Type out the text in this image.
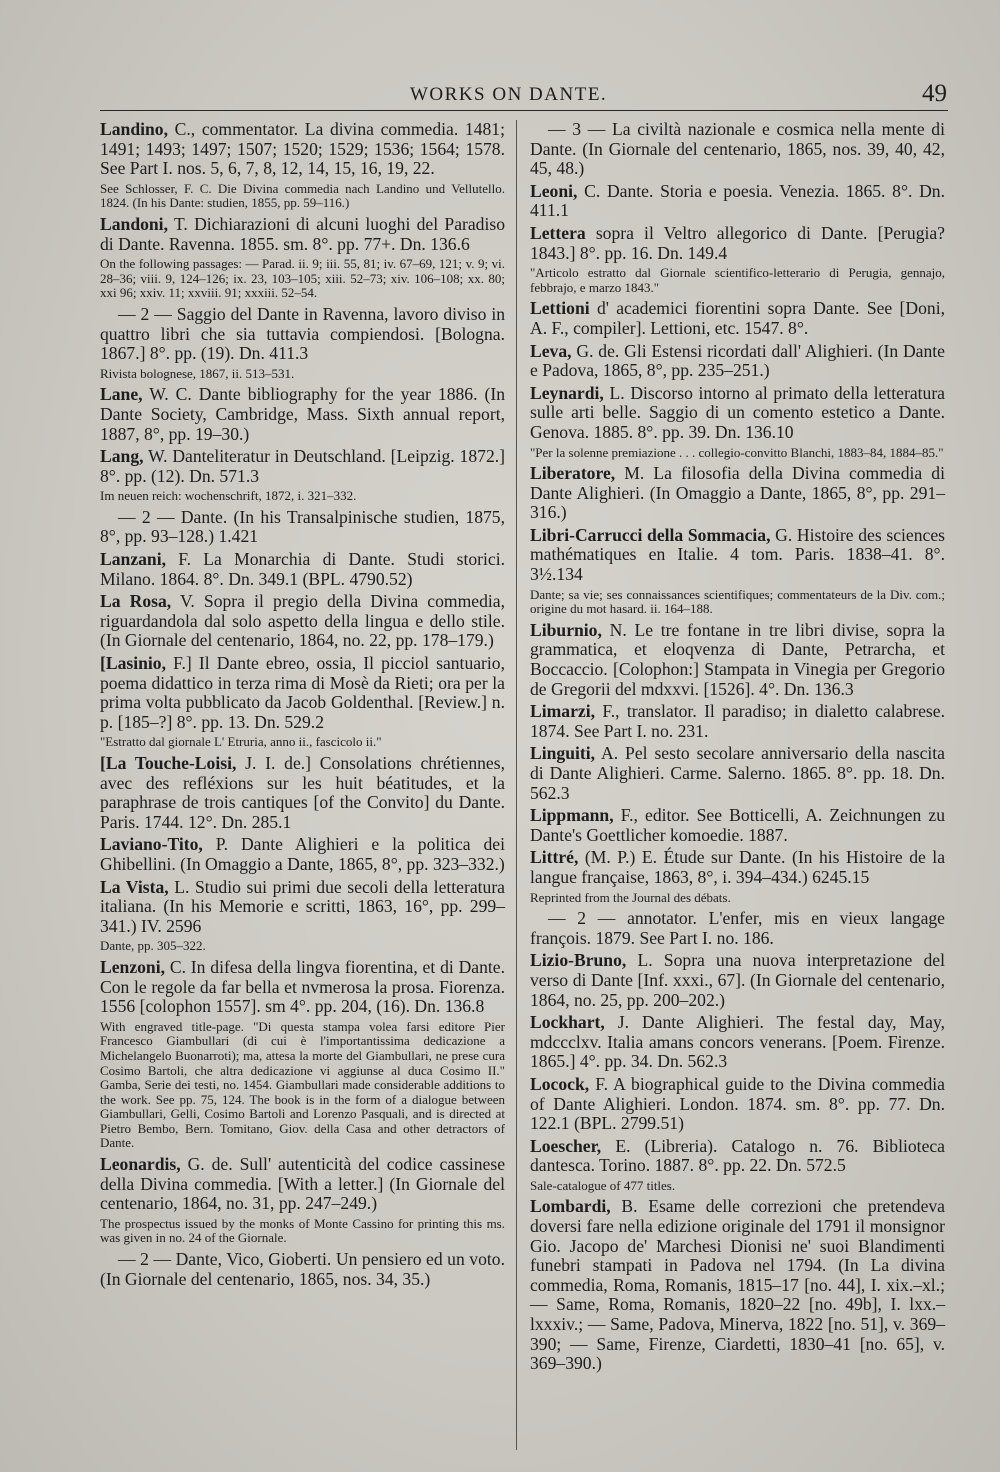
WORKS ON DANTE.	49

Landino, C., commentator. La divina commedia. 1481; 1491; 1493; 1497; 1507; 1520; 1529; 1536; 1564; 1578. See Part I. nos. 5, 6, 7, 8, 12, 14, 15, 16, 19, 22.

See Schlosser, F. C. Die Divina commedia nach Landino und Vellutello. 1824. (In his Dante: studien, 1855, pp. 59–116.)

Landoni, T. Dichiarazioni di alcuni luoghi del Paradiso di Dante. Ravenna. 1855. sm. 8°. pp. 77+. Dn. 136.6

On the following passages: — Parad. ii. 9; iii. 55, 81; iv. 67–69, 121; v. 9; vi. 28–36; viii. 9, 124–126; ix. 23, 103–105; xiii. 52–73; xiv. 106–108; xx. 80; xxi 96; xxiv. 11; xxviii. 91; xxxiii. 52–54.

— 2 — Saggio del Dante in Ravenna, lavoro diviso in quattro libri che sia tuttavia compiendosi. [Bologna. 1867.] 8°. pp. (19). Dn. 411.3

Rivista bolognese, 1867, ii. 513–531.

Lane, W. C. Dante bibliography for the year 1886. (In Dante Society, Cambridge, Mass. Sixth annual report, 1887, 8°, pp. 19–30.)

Lang, W. Danteliteratur in Deutschland. [Leipzig. 1872.] 8°. pp. (12). Dn. 571.3

Im neuen reich: wochenschrift, 1872, i. 321–332.

— 2 — Dante. (In his Transalpinische studien, 1875, 8°, pp. 93–128.) 1.421

Lanzani, F. La Monarchia di Dante. Studi storici. Milano. 1864. 8°. Dn. 349.1 (BPL. 4790.52)

La Rosa, V. Sopra il pregio della Divina commedia, riguardandola dal solo aspetto della lingua e dello stile. (In Giornale del centenario, 1864, no. 22, pp. 178–179.)

[Lasinio, F.] Il Dante ebreo, ossia, Il picciol santuario, poema didattico in terza rima di Mosè da Rieti; ora per la prima volta pubblicato da Jacob Goldenthal. [Review.] n. p. [185–?] 8°. pp. 13. Dn. 529.2

"Estratto dal giornale L' Etruria, anno ii., fascicolo ii."

[La Touche-Loisi, J. I. de.] Consolations chrétiennes, avec des refléxions sur les huit béatitudes, et la paraphrase de trois cantiques [of the Convito] du Dante. Paris. 1744. 12°. Dn. 285.1

Laviano-Tito, P. Dante Alighieri e la politica dei Ghibellini. (In Omaggio a Dante, 1865, 8°, pp. 323–332.)

La Vista, L. Studio sui primi due secoli della letteratura italiana. (In his Memorie e scritti, 1863, 16°, pp. 299–341.) IV. 2596

Dante, pp. 305–322.

Lenzoni, C. In difesa della lingva fiorentina, et di Dante. Con le regole da far bella et nvmerosa la prosa. Fiorenza. 1556 [colophon 1557]. sm 4°. pp. 204, (16). Dn. 136.8

With engraved title-page. "Di questa stampa volea farsi editore Pier Francesco Giambullari (di cui è l'importantissima dedicazione a Michelangelo Buonarroti); ma, attesa la morte del Giambullari, ne prese cura Cosimo Bartoli, che altra dedicazione vi aggiunse al duca Cosimo II." Gamba, Serie dei testi, no. 1454. Giambullari made considerable additions to the work. See pp. 75, 124. The book is in the form of a dialogue between Giambullari, Gelli, Cosimo Bartoli and Lorenzo Pasquali, and is directed at Pietro Bembo, Bern. Tomitano, Giov. della Casa and other detractors of Dante.

Leonardis, G. de. Sull' autenticità del codice cassinese della Divina commedia. [With a letter.] (In Giornale del centenario, 1864, no. 31, pp. 247–249.)

The prospectus issued by the monks of Monte Cassino for printing this ms. was given in no. 24 of the Giornale.

— 2 — Dante, Vico, Gioberti. Un pensiero ed un voto. (In Giornale del centenario, 1865, nos. 34, 35.)

— 3 — La civiltà nazionale e cosmica nella mente di Dante. (In Giornale del centenario, 1865, nos. 39, 40, 42, 45, 48.)

Leoni, C. Dante. Storia e poesia. Venezia. 1865. 8°. Dn. 411.1

Lettera sopra il Veltro allegorico di Dante. [Perugia? 1843.] 8°. pp. 16. Dn. 149.4

"Articolo estratto dal Giornale scientifico-letterario di Perugia, gennajo, febbrajo, e marzo 1843."

Lettioni d' academici fiorentini sopra Dante. See [Doni, A. F., compiler]. Lettioni, etc. 1547. 8°.

Leva, G. de. Gli Estensi ricordati dall' Alighieri. (In Dante e Padova, 1865, 8°, pp. 235–251.)

Leynardi, L. Discorso intorno al primato della letteratura sulle arti belle. Saggio di un comento estetico a Dante. Genova. 1885. 8°. pp. 39. Dn. 136.10

"Per la solenne premiazione . . . collegio-convitto Blanchi, 1883–84, 1884–85."

Liberatore, M. La filosofia della Divina commedia di Dante Alighieri. (In Omaggio a Dante, 1865, 8°, pp. 291–316.)

Libri-Carrucci della Sommacia, G. Histoire des sciences mathématiques en Italie. 4 tom. Paris. 1838–41. 8°. 3½.134

Dante; sa vie; ses connaissances scientifiques; commentateurs de la Div. com.; origine du mot hasard. ii. 164–188.

Liburnio, N. Le tre fontane in tre libri divise, sopra la grammatica, et eloqvenza di Dante, Petrarcha, et Boccaccio. [Colophon:] Stampata in Vinegia per Gregorio de Gregorii del mdxxvi. [1526]. 4°. Dn. 136.3

Limarzi, F., translator. Il paradiso; in dialetto calabrese. 1874. See Part I. no. 231.

Linguiti, A. Pel sesto secolare anniversario della nascita di Dante Alighieri. Carme. Salerno. 1865. 8°. pp. 18. Dn. 562.3

Lippmann, F., editor. See Botticelli, A. Zeichnungen zu Dante's Goettlicher komoedie. 1887.

Littré, (M. P.) E. Étude sur Dante. (In his Histoire de la langue française, 1863, 8°, i. 394–434.) 6245.15

Reprinted from the Journal des débats.

— 2 — annotator. L'enfer, mis en vieux langage françois. 1879. See Part I. no. 186.

Lizio-Bruno, L. Sopra una nuova interpretazione del verso di Dante [Inf. xxxi., 67]. (In Giornale del centenario, 1864, no. 25, pp. 200–202.)

Lockhart, J. Dante Alighieri. The festal day, May, mdccclxv. Italia amans concors venerans. [Poem. Firenze. 1865.] 4°. pp. 34. Dn. 562.3

Locock, F. A biographical guide to the Divina commedia of Dante Alighieri. London. 1874. sm. 8°. pp. 77. Dn. 122.1 (BPL. 2799.51)

Loescher, E. (Libreria). Catalogo n. 76. Biblioteca dantesca. Torino. 1887. 8°. pp. 22. Dn. 572.5

Sale-catalogue of 477 titles.

Lombardi, B. Esame delle correzioni che pretendeva doversi fare nella edizione originale del 1791 il monsignor Gio. Jacopo de' Marchesi Dionisi ne' suoi Blandimenti funebri stampati in Padova nel 1794. (In La divina commedia, Roma, Romanis, 1815–17 [no. 44], I. xix.–xl.; — Same, Roma, Romanis, 1820–22 [no. 49b], I. lxx.–lxxxiv.; — Same, Padova, Minerva, 1822 [no. 51], v. 369–390; — Same, Firenze, Ciardetti, 1830–41 [no. 65], v. 369–390.)
